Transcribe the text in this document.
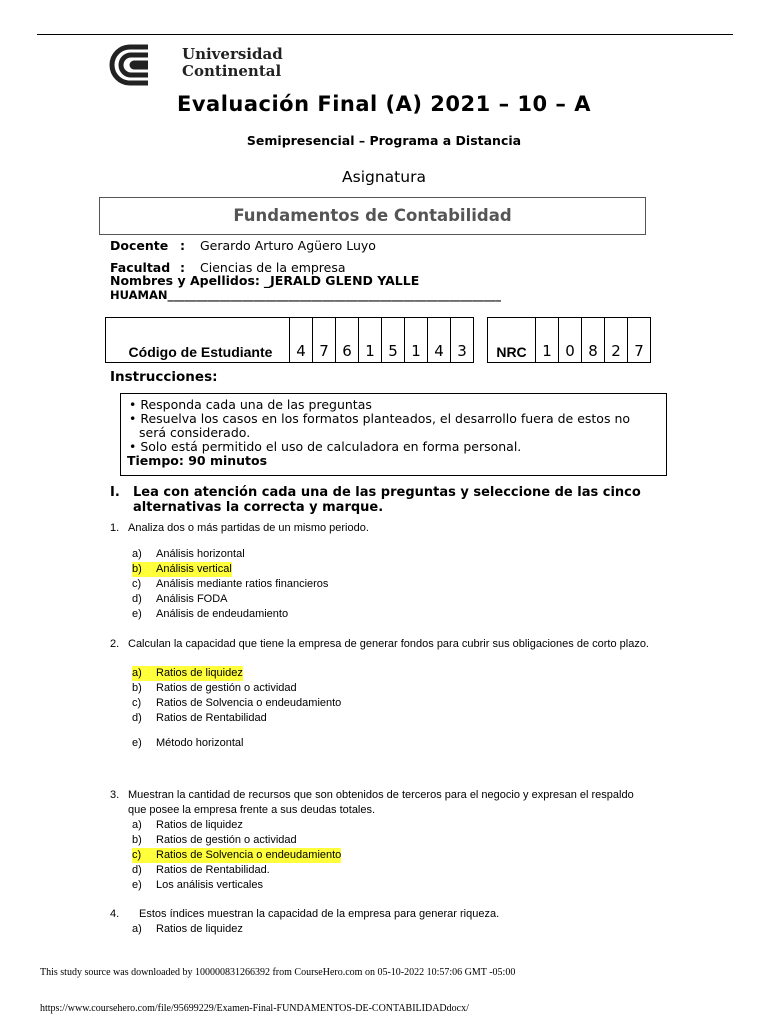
Universidad
Continental
Evaluación Final (A) 2021 – 10 – A
Semipresencial – Programa a Distancia
Asignatura
Fundamentos de Contabilidad
Docente : Gerardo Arturo Agüero Luyo
Facultad : Ciencias de la empresa
Nombres y Apellidos: _JERALD GLEND YALLE
HUAMAN__________________________________________________________
Código de Estudiante	4	7	6	1	5	1	4	3 NRC	1	0	8	2	7
Instrucciones:
• Responda cada una de las preguntas
• Resuelva los casos en los formatos planteados, el desarrollo fuera de estos no será considerado.
• Solo está permitido el uso de calculadora en forma personal.
Tiempo: 90 minutos
I.	Lea con atención cada una de las preguntas y seleccione de las cinco alternativas la correcta y marque.
1. Analiza dos o más partidas de un mismo periodo.
a) Análisis horizontal
b) Análisis vertical
c) Análisis mediante ratios financieros
d) Análisis FODA
e) Análisis de endeudamiento
2. Calculan la capacidad que tiene la empresa de generar fondos para cubrir sus obligaciones de corto plazo.
a) Ratios de liquidez
b) Ratios de gestión o actividad
c) Ratios de Solvencia o endeudamiento
d) Ratios de Rentabilidad
e) Método horizontal
3. Muestran la cantidad de recursos que son obtenidos de terceros para el negocio y expresan el respaldo que posee la empresa frente a sus deudas totales.
a) Ratios de liquidez
b) Ratios de gestión o actividad
c) Ratios de Solvencia o endeudamiento
d) Ratios de Rentabilidad.
e) Los análisis verticales
4.	Estos índices muestran la capacidad de la empresa para generar riqueza.
a) Ratios de liquidez
This study source was downloaded by 100000831266392 from CourseHero.com on 05-10-2022 10:57:06 GMT -05:00
https://www.coursehero.com/file/95699229/Examen-Final-FUNDAMENTOS-DE-CONTABILIDADdocx/
